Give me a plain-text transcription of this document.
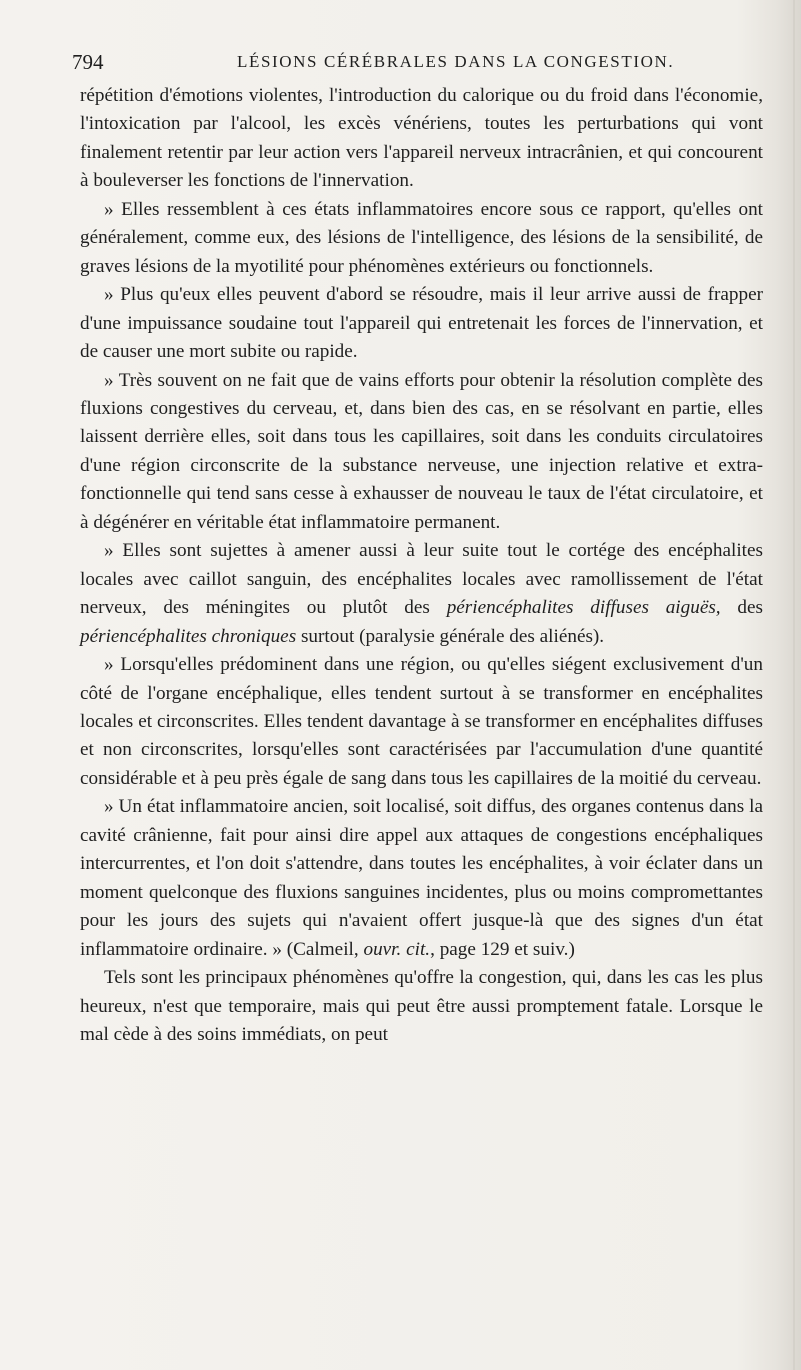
794	LÉSIONS CÉRÉBRALES DANS LA CONGESTION.

répétition d'émotions violentes, l'introduction du calorique ou du froid dans l'économie, l'intoxication par l'alcool, les excès vénériens, toutes les perturbations qui vont finalement retentir par leur action vers l'appareil nerveux intracrânien, et qui concourent à bouleverser les fonctions de l'innervation.

» Elles ressemblent à ces états inflammatoires encore sous ce rapport, qu'elles ont généralement, comme eux, des lésions de l'intelligence, des lésions de la sensibilité, de graves lésions de la myotilité pour phénomènes extérieurs ou fonctionnels.

» Plus qu'eux elles peuvent d'abord se résoudre, mais il leur arrive aussi de frapper d'une impuissance soudaine tout l'appareil qui entretenait les forces de l'innervation, et de causer une mort subite ou rapide.

» Très souvent on ne fait que de vains efforts pour obtenir la résolution complète des fluxions congestives du cerveau, et, dans bien des cas, en se résolvant en partie, elles laissent derrière elles, soit dans tous les capillaires, soit dans les conduits circulatoires d'une région circonscrite de la substance nerveuse, une injection relative et extra-fonctionnelle qui tend sans cesse à exhausser de nouveau le taux de l'état circulatoire, et à dégénérer en véritable état inflammatoire permanent.

» Elles sont sujettes à amener aussi à leur suite tout le cortége des encéphalites locales avec caillot sanguin, des encéphalites locales avec ramollissement de l'état nerveux, des méningites ou plutôt des périencéphalites diffuses aiguës, des périencéphalites chroniques surtout (paralysie générale des aliénés).

» Lorsqu'elles prédominent dans une région, ou qu'elles siégent exclusivement d'un côté de l'organe encéphalique, elles tendent surtout à se transformer en encéphalites locales et circonscrites. Elles tendent davantage à se transformer en encéphalites diffuses et non circonscrites, lorsqu'elles sont caractérisées par l'accumulation d'une quantité considérable et à peu près égale de sang dans tous les capillaires de la moitié du cerveau.

» Un état inflammatoire ancien, soit localisé, soit diffus, des organes contenus dans la cavité crânienne, fait pour ainsi dire appel aux attaques de congestions encéphaliques intercurrentes, et l'on doit s'attendre, dans toutes les encéphalites, à voir éclater dans un moment quelconque des fluxions sanguines incidentes, plus ou moins compromettantes pour les jours des sujets qui n'avaient offert jusque-là que des signes d'un état inflammatoire ordinaire. » (Calmeil, ouvr. cit., page 129 et suiv.)

Tels sont les principaux phénomènes qu'offre la congestion, qui, dans les cas les plus heureux, n'est que temporaire, mais qui peut être aussi promptement fatale. Lorsque le mal cède à des soins immédiats, on peut
